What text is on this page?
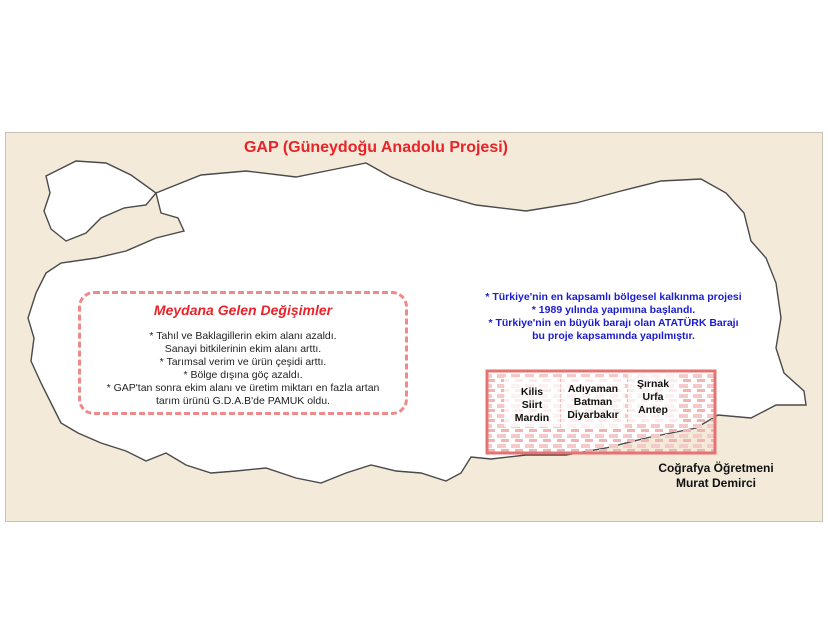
GAP (Güneydoğu Anadolu Projesi)
Meydana Gelen Değişimler
* Tahıl ve Baklagillerin ekim alanı azaldı.
Sanayi bitkilerinin ekim alanı arttı.
* Tarımsal verim ve ürün çeşidi arttı.
* Bölge dışına göç azaldı.
* GAP'tan sonra ekim alanı ve üretim miktarı en fazla artan
tarım ürünü G.D.A.B'de PAMUK oldu.
* Türkiye'nin en kapsamlı bölgesel kalkınma projesi
* 1989 yılında yapımına başlandı.
* Türkiye'nin en büyük barajı olan ATATÜRK Barajı
bu proje kapsamında yapılmıştır.
Kilis
Siirt
Mardin
Adıyaman
Batman
Diyarbakır
Şırnak
Urfa
Antep
Coğrafya Öğretmeni
Murat Demirci
